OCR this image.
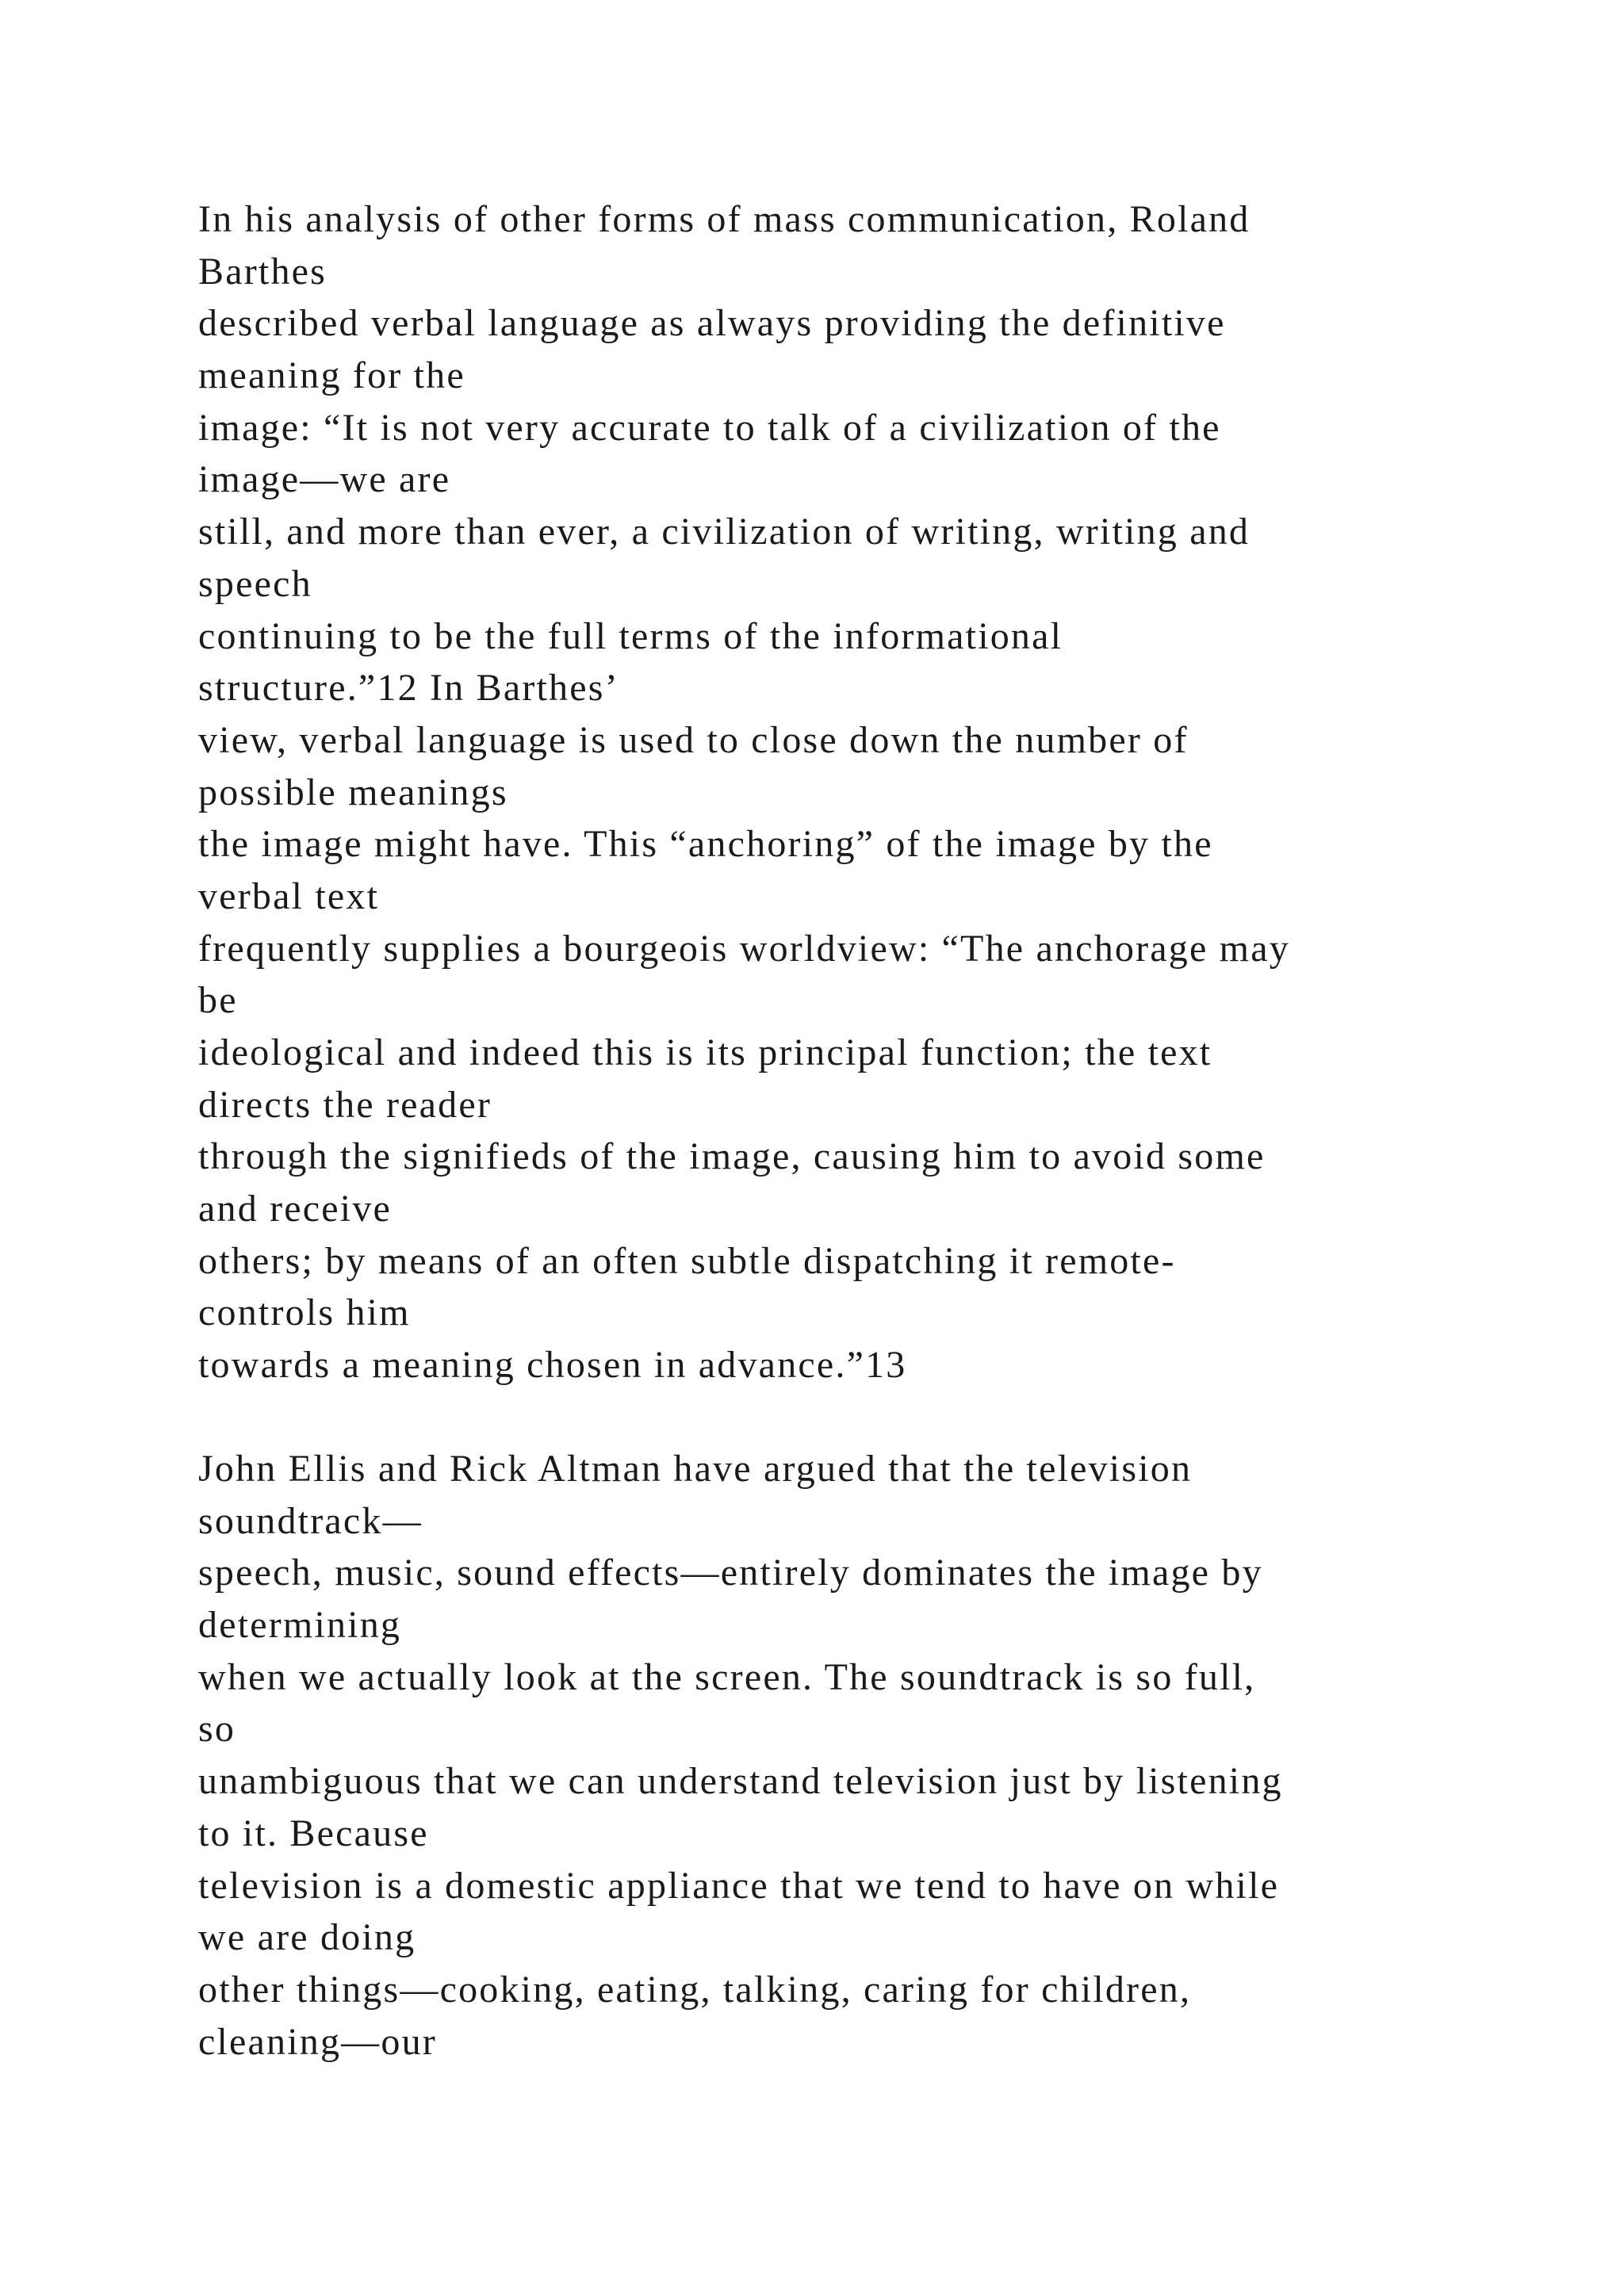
In his analysis of other forms of mass communication, Roland
Barthes
described verbal language as always providing the definitive
meaning for the
image: “It is not very accurate to talk of a civilization of the
image—we are
still, and more than ever, a civilization of writing, writing and
speech
continuing to be the full terms of the informational
structure.”12 In Barthes’
view, verbal language is used to close down the number of
possible meanings
the image might have. This “anchoring” of the image by the
verbal text
frequently supplies a bourgeois worldview: “The anchorage may
be
ideological and indeed this is its principal function; the text
directs the reader
through the signifieds of the image, causing him to avoid some
and receive
others; by means of an often subtle dispatching it remote-
controls him
towards a meaning chosen in advance.”13
John Ellis and Rick Altman have argued that the television
soundtrack—
speech, music, sound effects—entirely dominates the image by
determining
when we actually look at the screen. The soundtrack is so full,
so
unambiguous that we can understand television just by listening
to it. Because
television is a domestic appliance that we tend to have on while
we are doing
other things—cooking, eating, talking, caring for children,
cleaning—our
